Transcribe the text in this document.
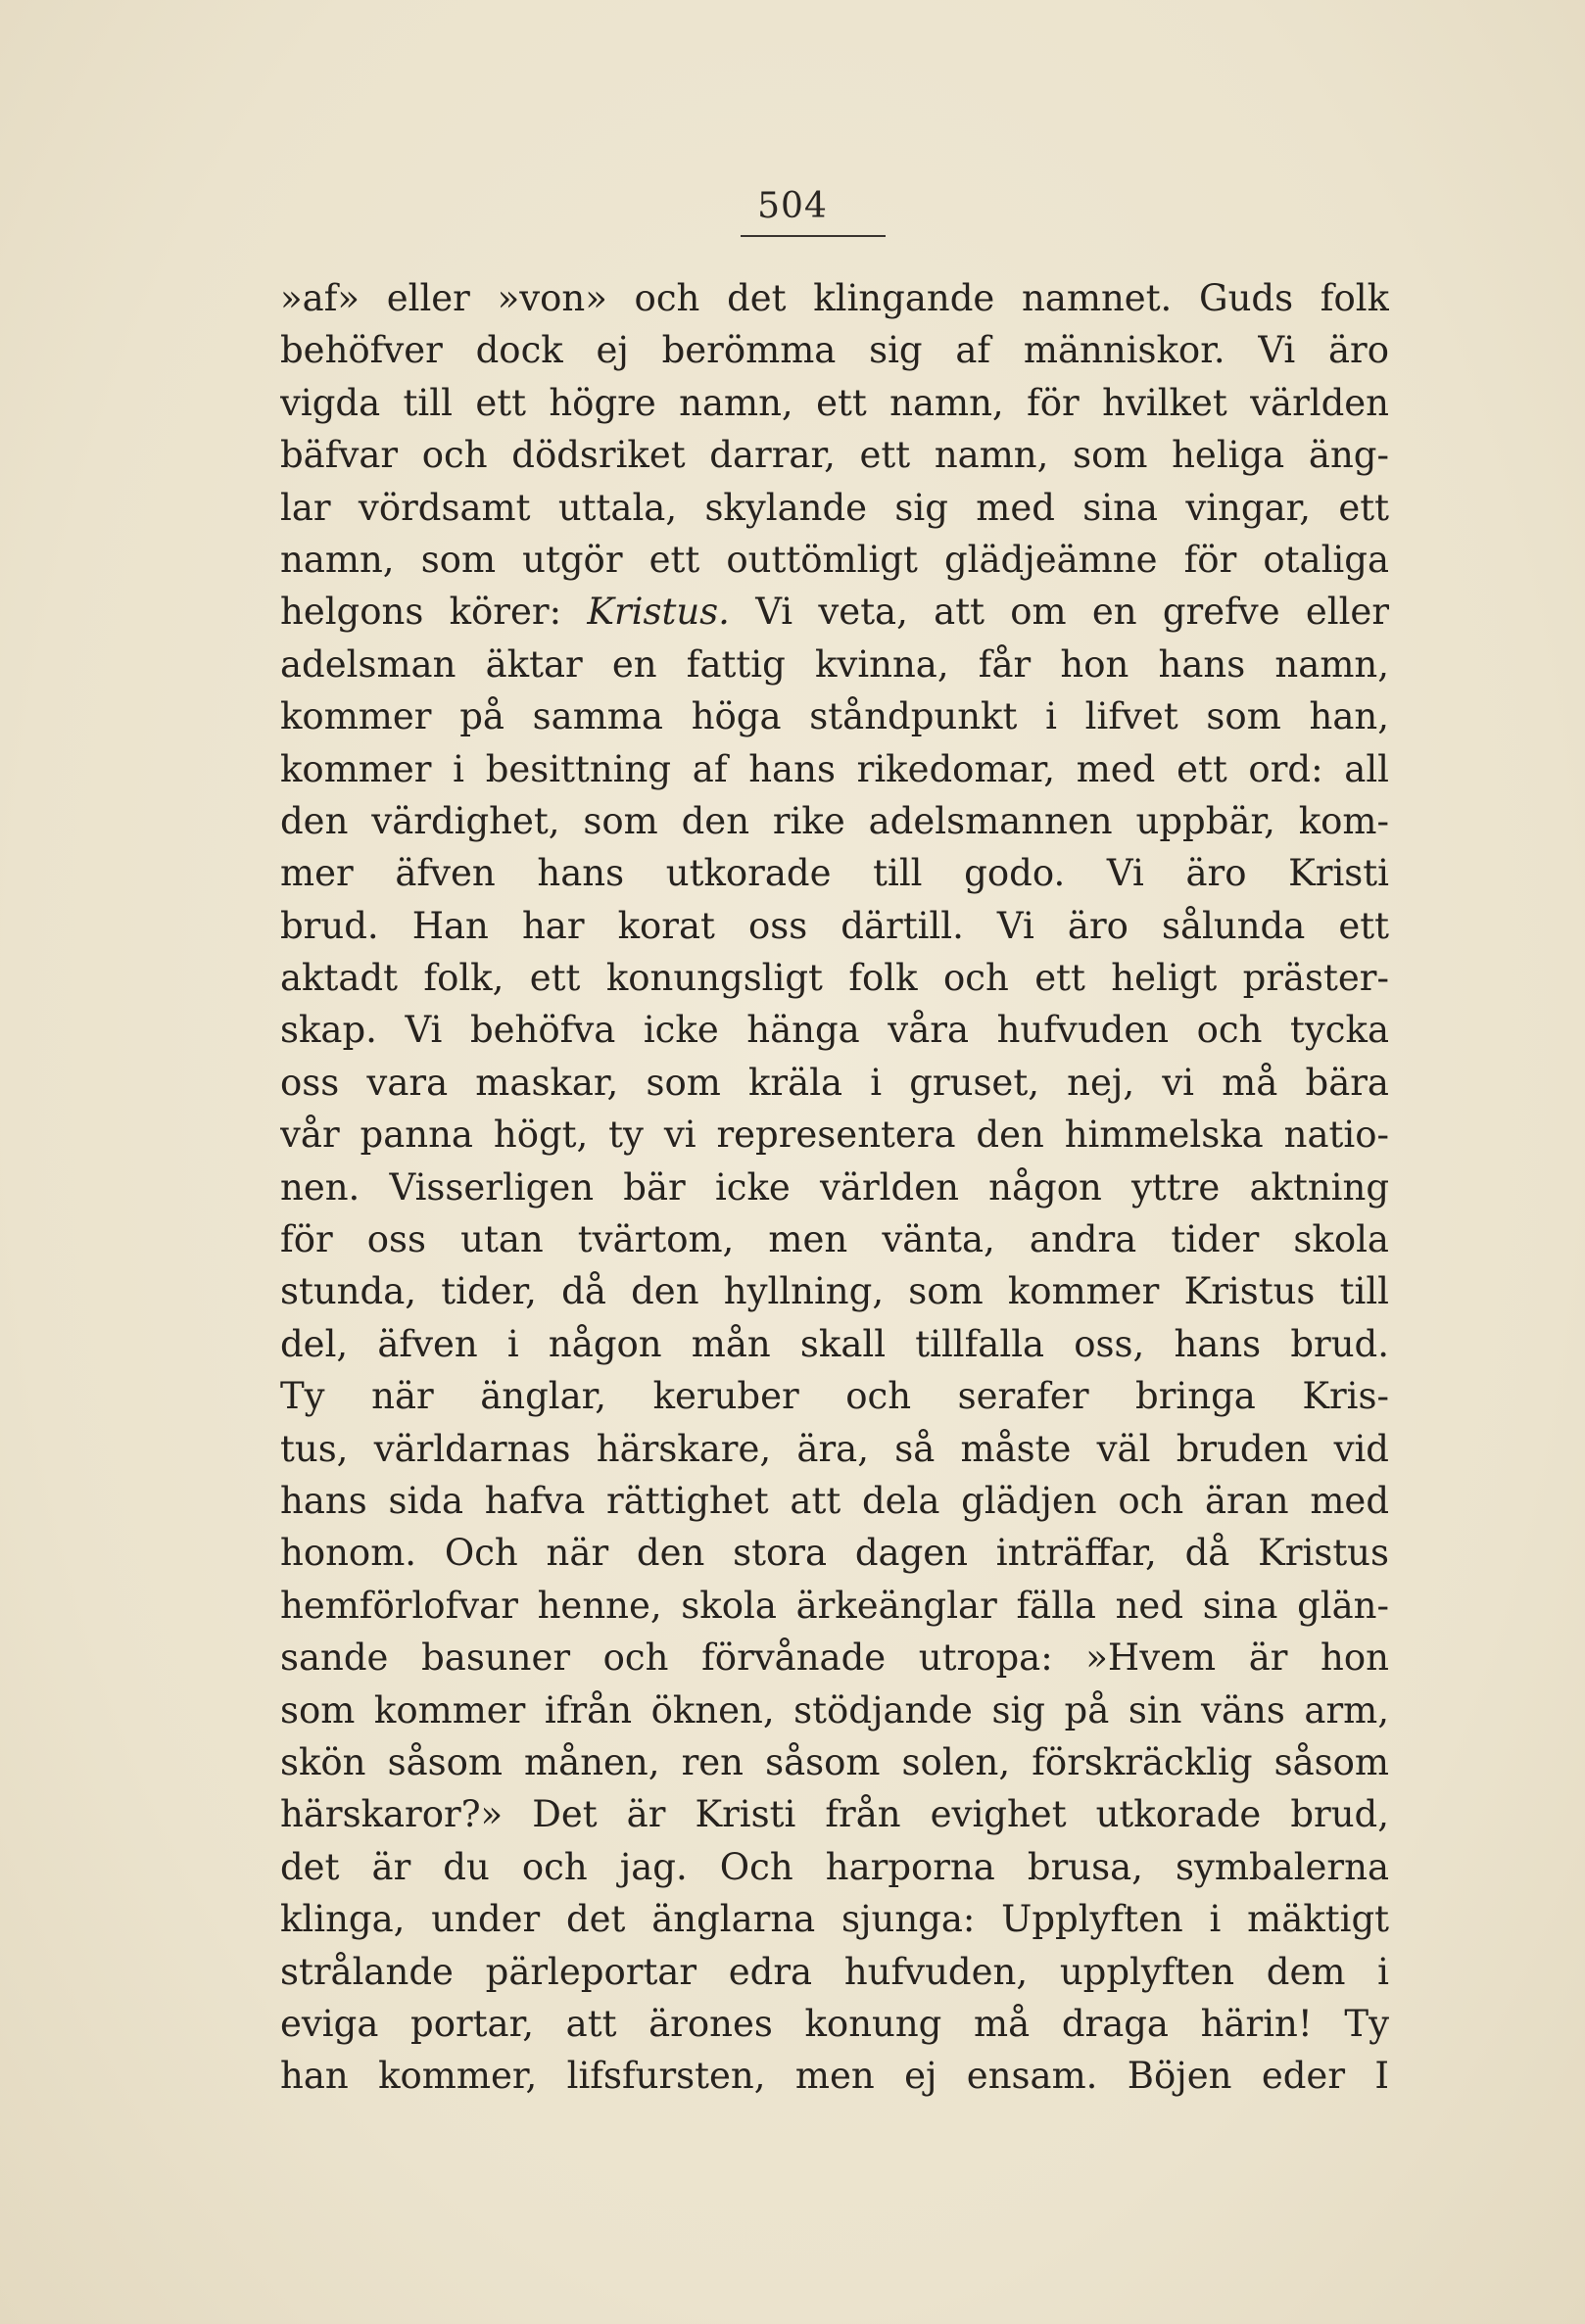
504
»af» eller »von» och det klingande namnet. Guds folk
behöfver dock ej berömma sig af människor. Vi äro
vigda till ett högre namn, ett namn, för hvilket världen
bäfvar och dödsriket darrar, ett namn, som heliga äng-
lar vördsamt uttala, skylande sig med sina vingar, ett
namn, som utgör ett outtömligt glädjeämne för otaliga
helgons körer: Kristus. Vi veta, att om en grefve eller
adelsman äktar en fattig kvinna, får hon hans namn,
kommer på samma höga ståndpunkt i lifvet som han,
kommer i besittning af hans rikedomar, med ett ord: all
den värdighet, som den rike adelsmannen uppbär, kom-
mer äfven hans utkorade till godo. Vi äro Kristi
brud. Han har korat oss därtill. Vi äro sålunda ett
aktadt folk, ett konungsligt folk och ett heligt präster-
skap. Vi behöfva icke hänga våra hufvuden och tycka
oss vara maskar, som kräla i gruset, nej, vi må bära
vår panna högt, ty vi representera den himmelska natio-
nen. Visserligen bär icke världen någon yttre aktning
för oss utan tvärtom, men vänta, andra tider skola
stunda, tider, då den hyllning, som kommer Kristus till
del, äfven i någon mån skall tillfalla oss, hans brud.
Ty när änglar, keruber och serafer bringa Kris-
tus, världarnas härskare, ära, så måste väl bruden vid
hans sida hafva rättighet att dela glädjen och äran med
honom. Och när den stora dagen inträffar, då Kristus
hemförlofvar henne, skola ärkeänglar fälla ned sina glän-
sande basuner och förvånade utropa: »Hvem är hon
som kommer ifrån öknen, stödjande sig på sin väns arm,
skön såsom månen, ren såsom solen, förskräcklig såsom
härskaror?» Det är Kristi från evighet utkorade brud,
det är du och jag. Och harporna brusa, symbalerna
klinga, under det änglarna sjunga: Upplyften i mäktigt
strålande pärleportar edra hufvuden, upplyften dem i
eviga portar, att ärones konung må draga härin! Ty
han kommer, lifsfursten, men ej ensam. Böjen eder I
